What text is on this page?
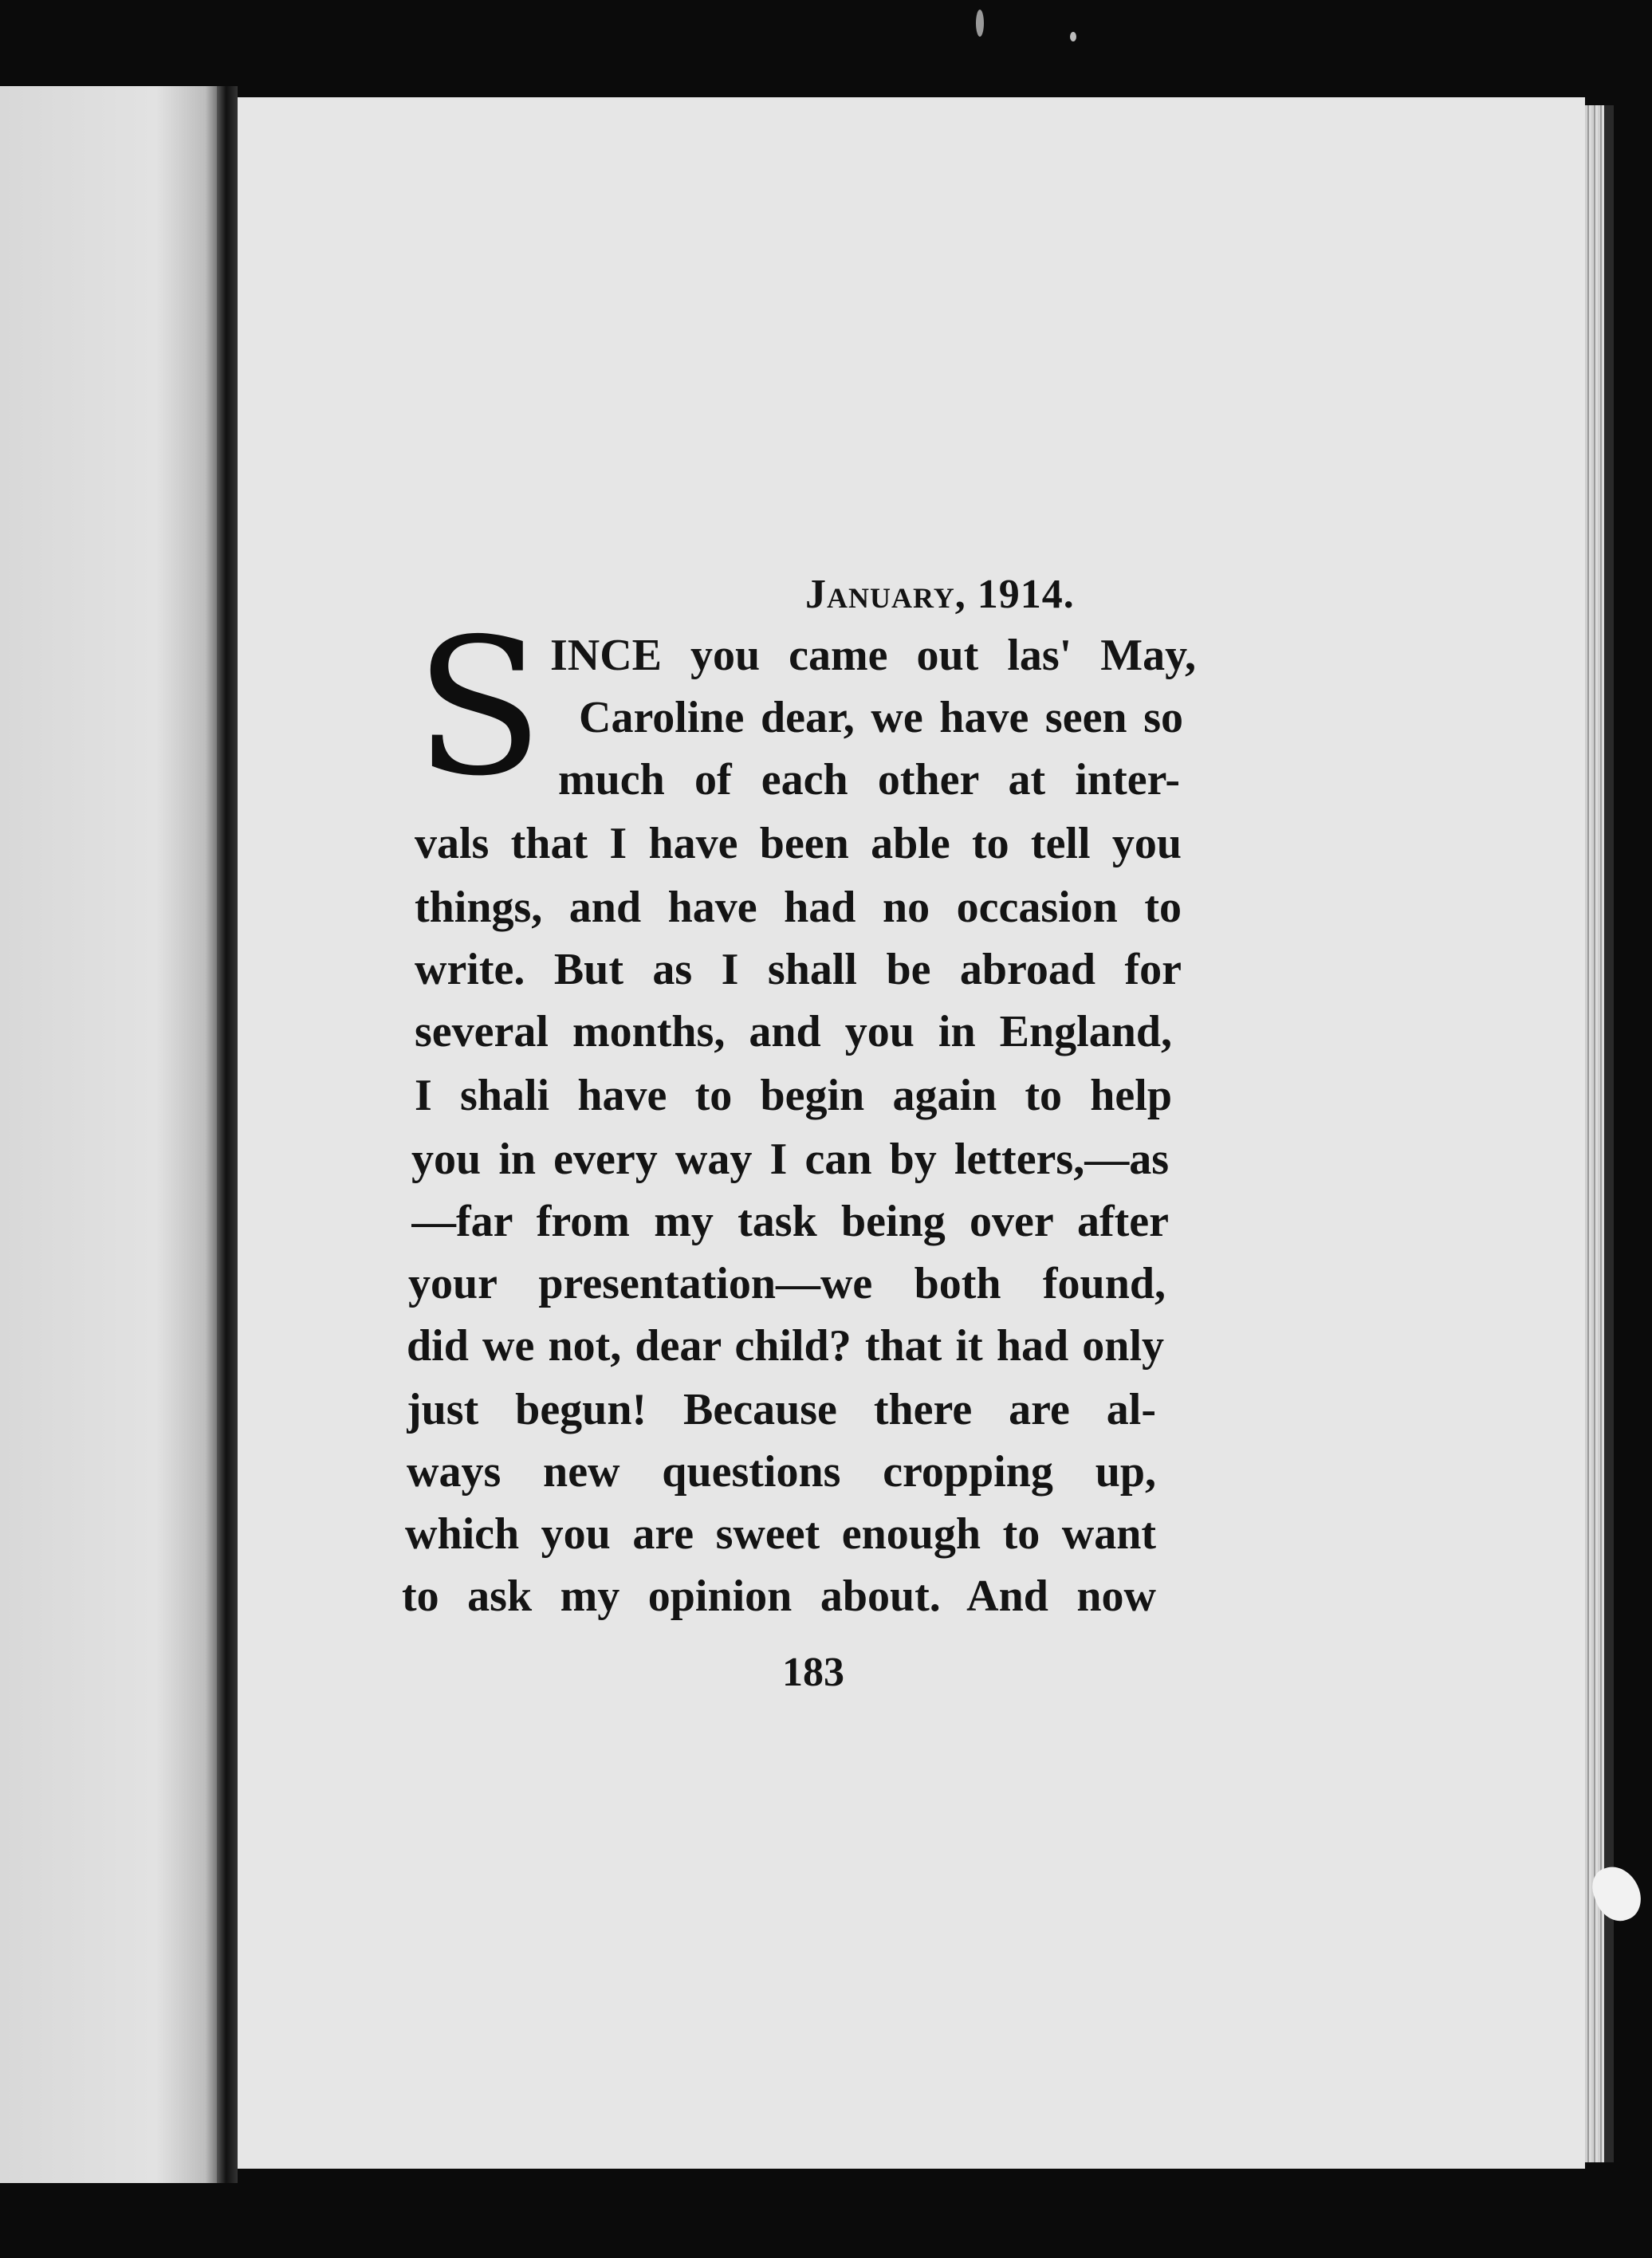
January, 1914.
S INCE you came out las' May,
Caroline dear, we have seen so
much of each other at inter-
vals that I have been able to tell you
things, and have had no occasion to
write. But as I shall be abroad for
several months, and you in England,
I shali have to begin again to help
you in every way I can by letters,—as
—far from my task being over after
your presentation—we both found,
did we not, dear child? that it had only
just begun! Because there are al-
ways new questions cropping up,
which you are sweet enough to want
to ask my opinion about. And now
183
